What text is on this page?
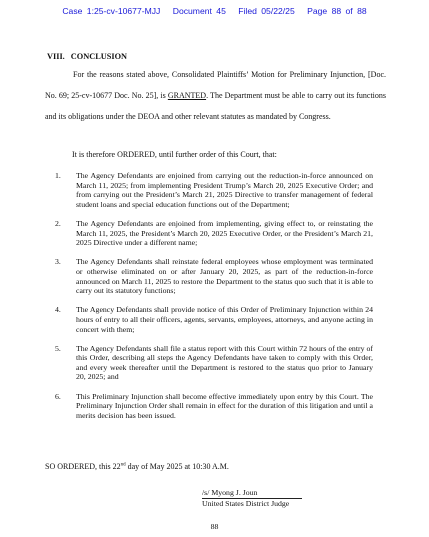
Case 1:25-cv-10677-MJJ Document 45 Filed 05/22/25 Page 88 of 88
VIII. CONCLUSION

For the reasons stated above, Consolidated Plaintiffs’ Motion for Preliminary Injunction, [Doc. No. 69; 25-cv-10677 Doc. No. 25], is GRANTED. The Department must be able to carry out its functions and its obligations under the DEOA and other relevant statutes as mandated by Congress.

It is therefore ORDERED, until further order of this Court, that:
1. The Agency Defendants are enjoined from carrying out the reduction-in-force announced on March 11, 2025; from implementing President Trump’s March 20, 2025 Executive Order; and from carrying out the President’s March 21, 2025 Directive to transfer management of federal student loans and special education functions out of the Department;
2. The Agency Defendants are enjoined from implementing, giving effect to, or reinstating the March 11, 2025, the President’s March 20, 2025 Executive Order, or the President’s March 21, 2025 Directive under a different name;
3. The Agency Defendants shall reinstate federal employees whose employment was terminated or otherwise eliminated on or after January 20, 2025, as part of the reduction-in-force announced on March 11, 2025 to restore the Department to the status quo such that it is able to carry out its statutory functions;
4. The Agency Defendants shall provide notice of this Order of Preliminary Injunction within 24 hours of entry to all their officers, agents, servants, employees, attorneys, and anyone acting in concert with them;
5. The Agency Defendants shall file a status report with this Court within 72 hours of the entry of this Order, describing all steps the Agency Defendants have taken to comply with this Order, and every week thereafter until the Department is restored to the status quo prior to January 20, 2025; and
6. This Preliminary Injunction shall become effective immediately upon entry by this Court. The Preliminary Injunction Order shall remain in effect for the duration of this litigation and until a merits decision has been issued.
SO ORDERED, this 22nd day of May 2025 at 10:30 A.M.
/s/ Myong J. Joun
United States District Judge
88
